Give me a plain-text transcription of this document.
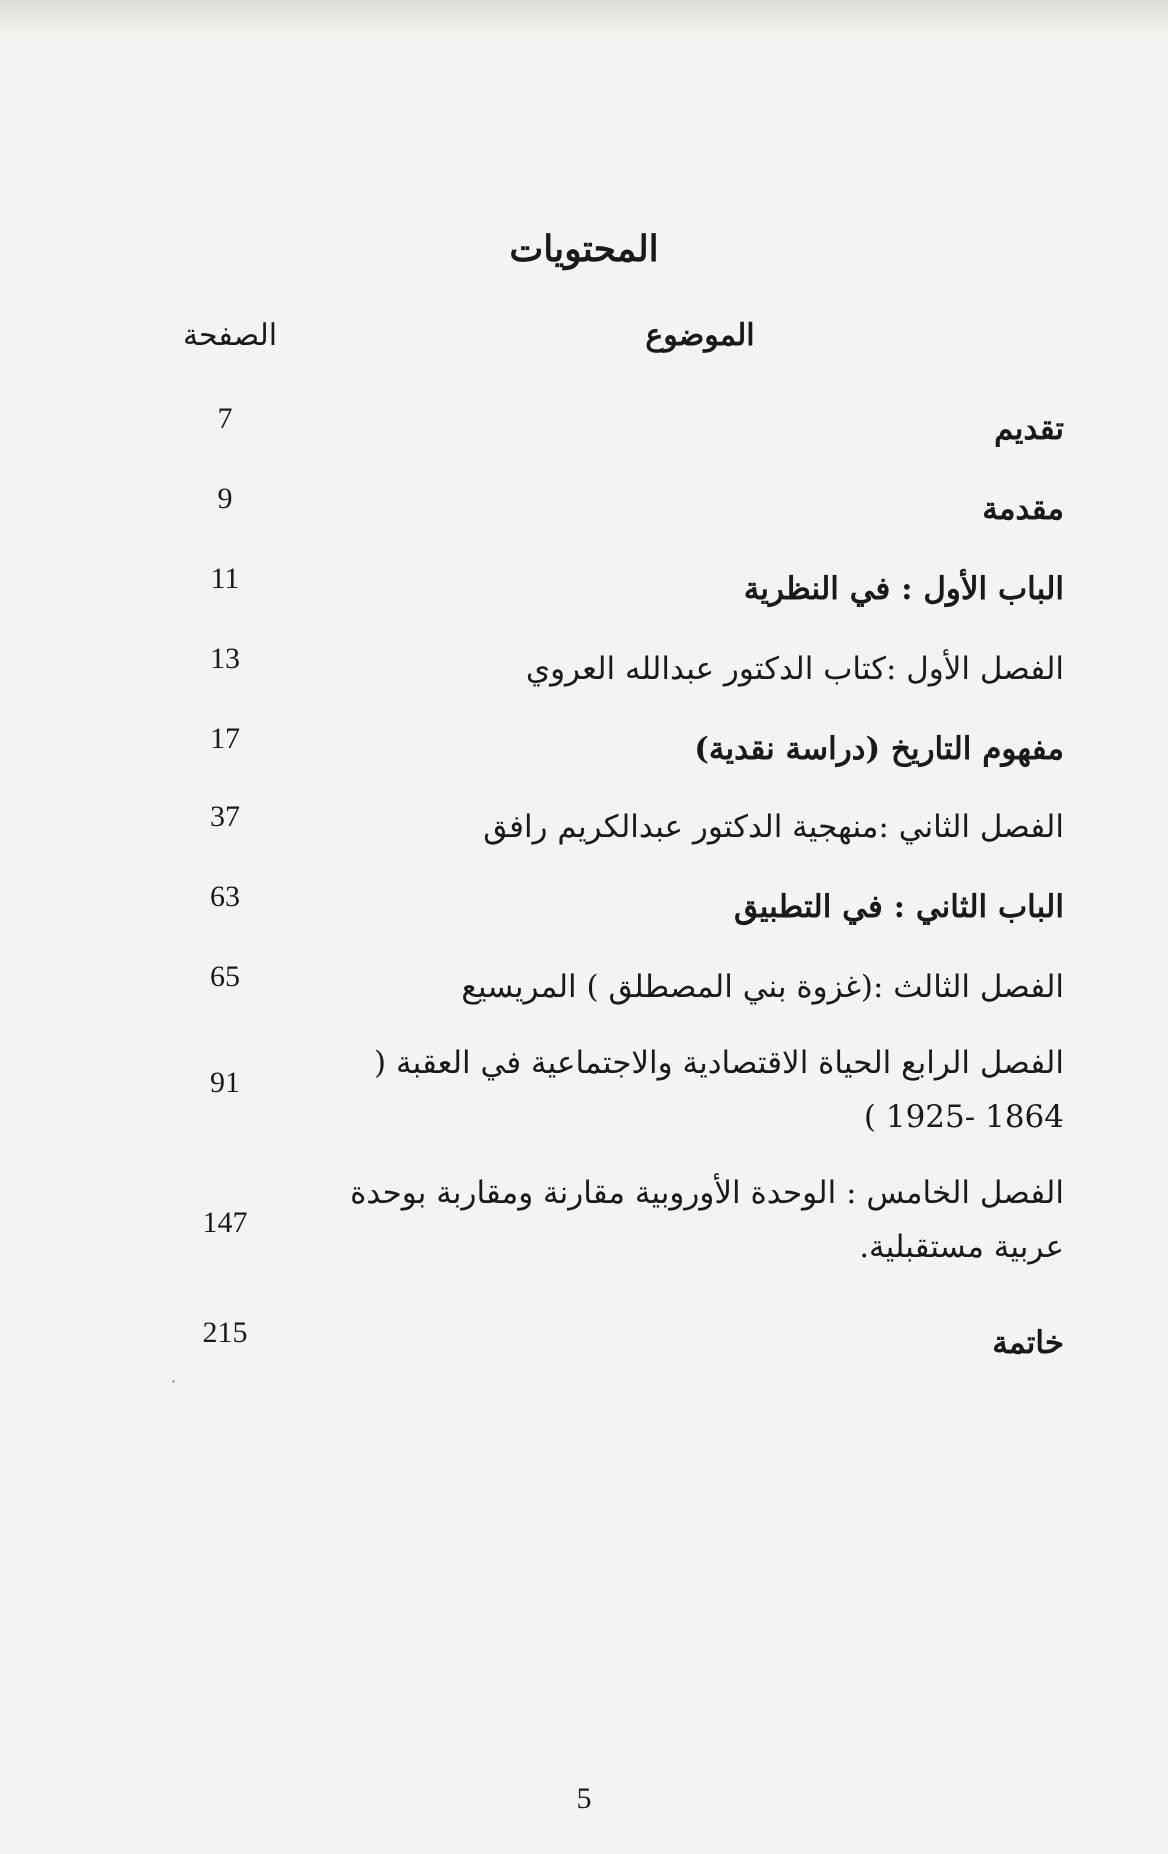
المحتويات
الموضوع
الصفحة
تقديم
7
مقدمة
9
الباب الأول : في النظرية
11
الفصل الأول :كتاب الدكتور عبدالله العروي
13
مفهوم التاريخ (دراسة نقدية)
17
الفصل الثاني :منهجية الدكتور عبدالكريم رافق
37
الباب الثاني : في التطبيق
63
الفصل الثالث :(غزوة بني المصطلق ) المريسيع
65
الفصل الرابع الحياة الاقتصادية والاجتماعية في العقبة ( 1864 -1925 )
91
الفصل الخامس : الوحدة الأوروبية مقارنة ومقاربة بوحدة عربية مستقبلية.
147
خاتمة
215
5
